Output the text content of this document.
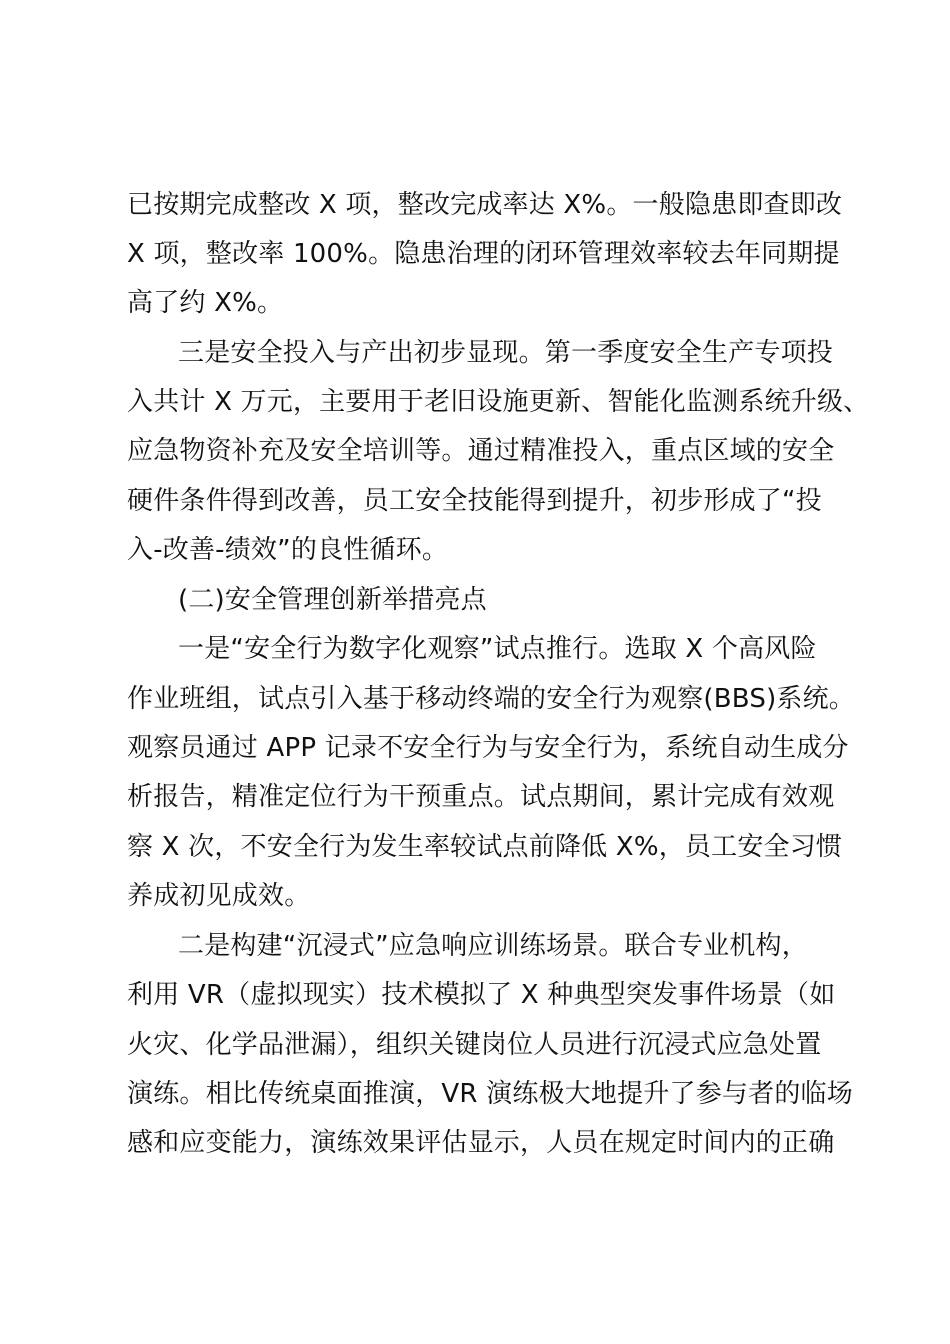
已按期完成整改 X 项，整改完成率达 X%。一般隐患即查即改
X 项，整改率 100%。隐患治理的闭环管理效率较去年同期提
高了约 X%。
三是安全投入与产出初步显现。第一季度安全生产专项投
入共计 X 万元，主要用于老旧设施更新、智能化监测系统升级、
应急物资补充及安全培训等。通过精准投入，重点区域的安全
硬件条件得到改善，员工安全技能得到提升，初步形成了“投
入-改善-绩效”的良性循环。
(二)安全管理创新举措亮点
一是“安全行为数字化观察”试点推行。选取 X 个高风险
作业班组，试点引入基于移动终端的安全行为观察(BBS)系统。
观察员通过 APP 记录不安全行为与安全行为，系统自动生成分
析报告，精准定位行为干预重点。试点期间，累计完成有效观
察 X 次，不安全行为发生率较试点前降低 X%，员工安全习惯
养成初见成效。
二是构建“沉浸式”应急响应训练场景。联合专业机构，
利用 VR（虚拟现实）技术模拟了 X 种典型突发事件场景（如
火灾、化学品泄漏），组织关键岗位人员进行沉浸式应急处置
演练。相比传统桌面推演，VR 演练极大地提升了参与者的临场
感和应变能力，演练效果评估显示，人员在规定时间内的正确
